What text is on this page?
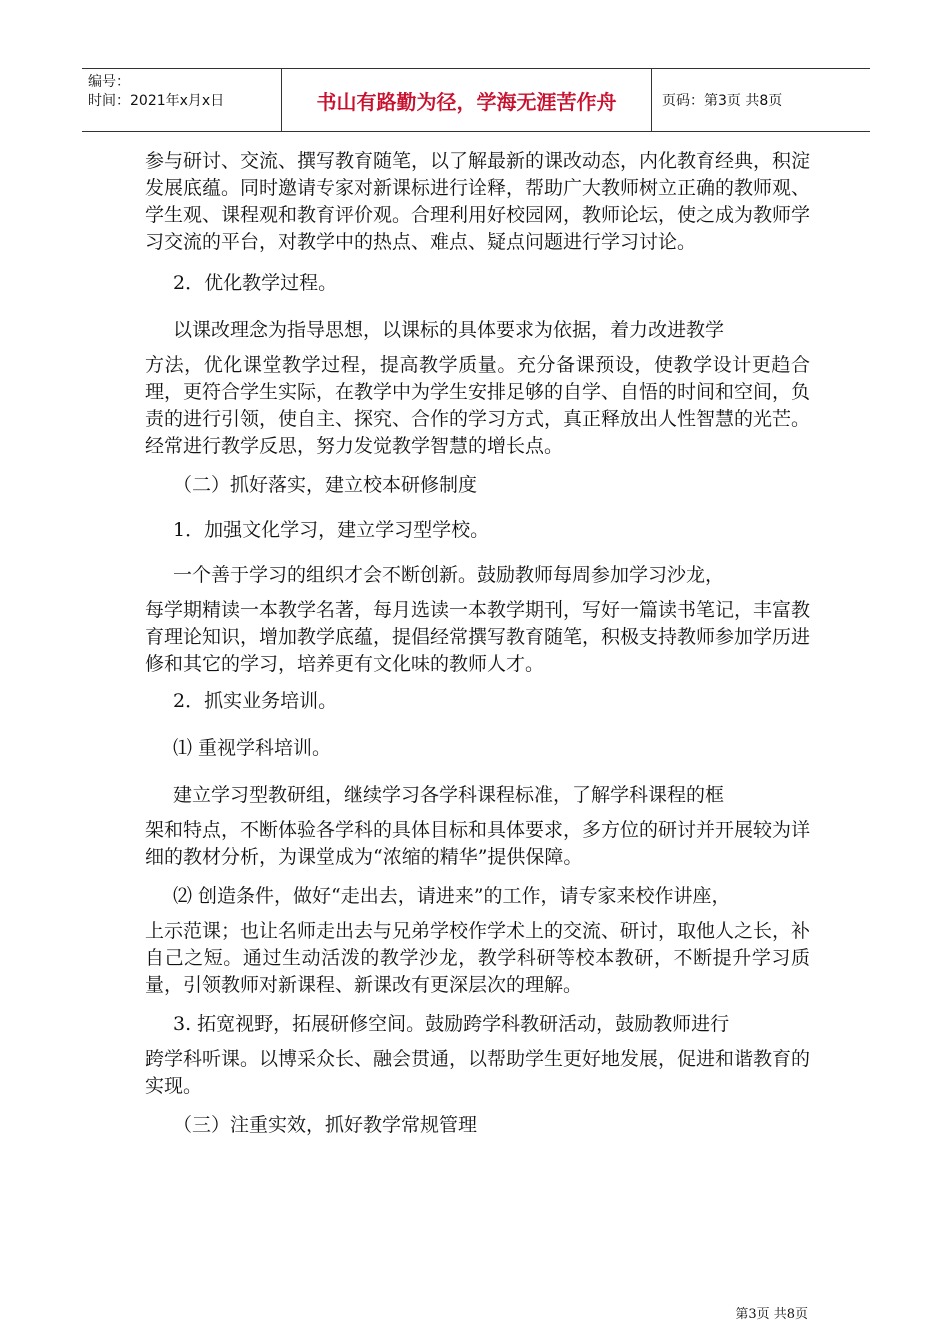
编号：
时间：2021年x月x日	书山有路勤为径，学海无涯苦作舟	页码：第3页 共8页

参与研讨、交流、撰写教育随笔，以了解最新的课改动态，内化教育经典，积淀发展底蕴。同时邀请专家对新课标进行诠释，帮助广大教师树立正确的教师观、学生观、课程观和教育评价观。合理利用好校园网，教师论坛，使之成为教师学习交流的平台，对教学中的热点、难点、疑点问题进行学习讨论。

2．优化教学过程。

以课改理念为指导思想，以课标的具体要求为依据，着力改进教学

方法，优化课堂教学过程，提高教学质量。充分备课预设，使教学设计更趋合理，更符合学生实际，在教学中为学生安排足够的自学、自悟的时间和空间，负责的进行引领，使自主、探究、合作的学习方式，真正释放出人性智慧的光芒。经常进行教学反思，努力发觉教学智慧的增长点。

（二）抓好落实，建立校本研修制度

1．加强文化学习，建立学习型学校。

一个善于学习的组织才会不断创新。鼓励教师每周参加学习沙龙，

每学期精读一本教学名著，每月选读一本教学期刊，写好一篇读书笔记，丰富教育理论知识，增加教学底蕴，提倡经常撰写教育随笔，积极支持教师参加学历进修和其它的学习，培养更有文化味的教师人才。

2．抓实业务培训。

⑴ 重视学科培训。

建立学习型教研组，继续学习各学科课程标准，了解学科课程的框

架和特点，不断体验各学科的具体目标和具体要求，多方位的研讨并开展较为详细的教材分析，为课堂成为“浓缩的精华”提供保障。

⑵ 创造条件，做好“走出去，请进来”的工作，请专家来校作讲座，

上示范课；也让名师走出去与兄弟学校作学术上的交流、研讨，取他人之长，补自己之短。通过生动活泼的教学沙龙，教学科研等校本教研，不断提升学习质量，引领教师对新课程、新课改有更深层次的理解。

3. 拓宽视野，拓展研修空间。鼓励跨学科教研活动，鼓励教师进行

跨学科听课。以博采众长、融会贯通，以帮助学生更好地发展，促进和谐教育的实现。

（三）注重实效，抓好教学常规管理

第3页 共8页
